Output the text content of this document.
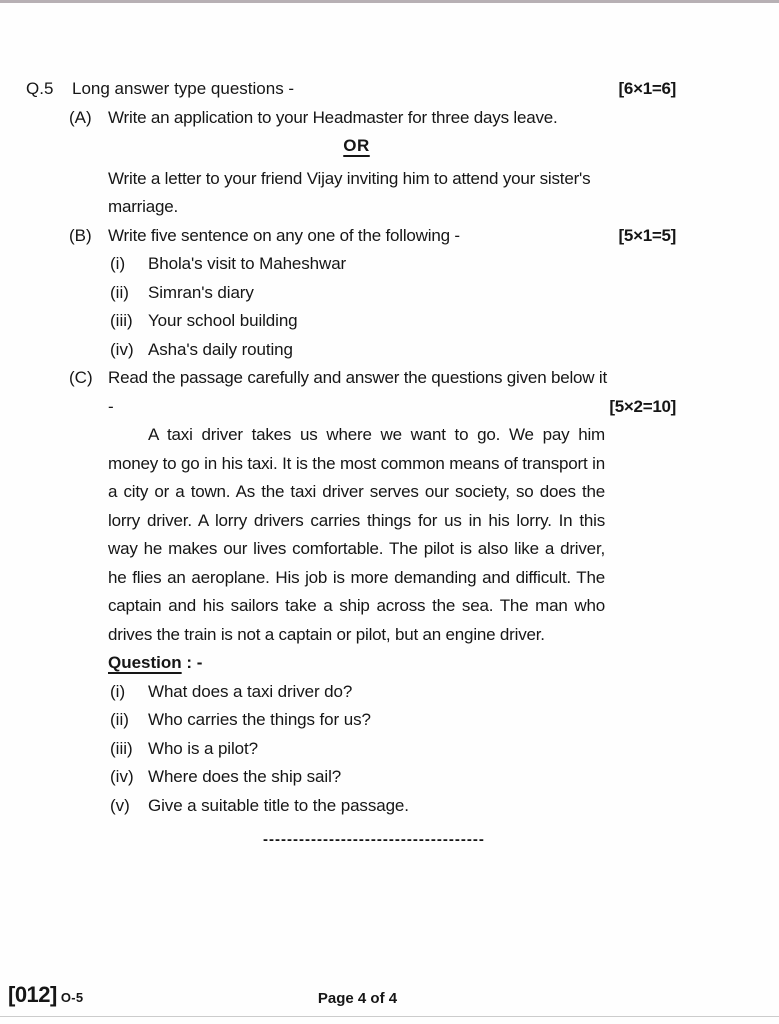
Q.5	Long answer type questions -	[6×1=6]
(A) Write an application to your Headmaster for three days leave.
OR
Write a letter to your friend Vijay inviting him to attend your sister's marriage.
(B) Write five sentence on any one of the following -	[5×1=5]
(i)	Bhola's visit to Maheshwar
(ii)	Simran's diary
(iii) Your school building
(iv) Asha's daily routing
(C) Read the passage carefully and answer the questions given below it -	[5×2=10]

A taxi driver takes us where we want to go. We pay him money to go in his taxi. It is the most common means of transport in a city or a town. As the taxi driver serves our society, so does the lorry driver. A lorry drivers carries things for us in his lorry. In this way he makes our lives comfortable. The pilot is also like a driver, he flies an aeroplane. His job is more demanding and difficult. The captain and his sailors take a ship across the sea. The man who drives the train is not a captain or pilot, but an engine driver.

Question : -
(i)	What does a taxi driver do?
(ii)	Who carries the things for us?
(iii) Who is a pilot?
(iv) Where does the ship sail?
(v)	Give a suitable title to the passage.
-------------------------------------
[012] O-5	Page 4 of 4
